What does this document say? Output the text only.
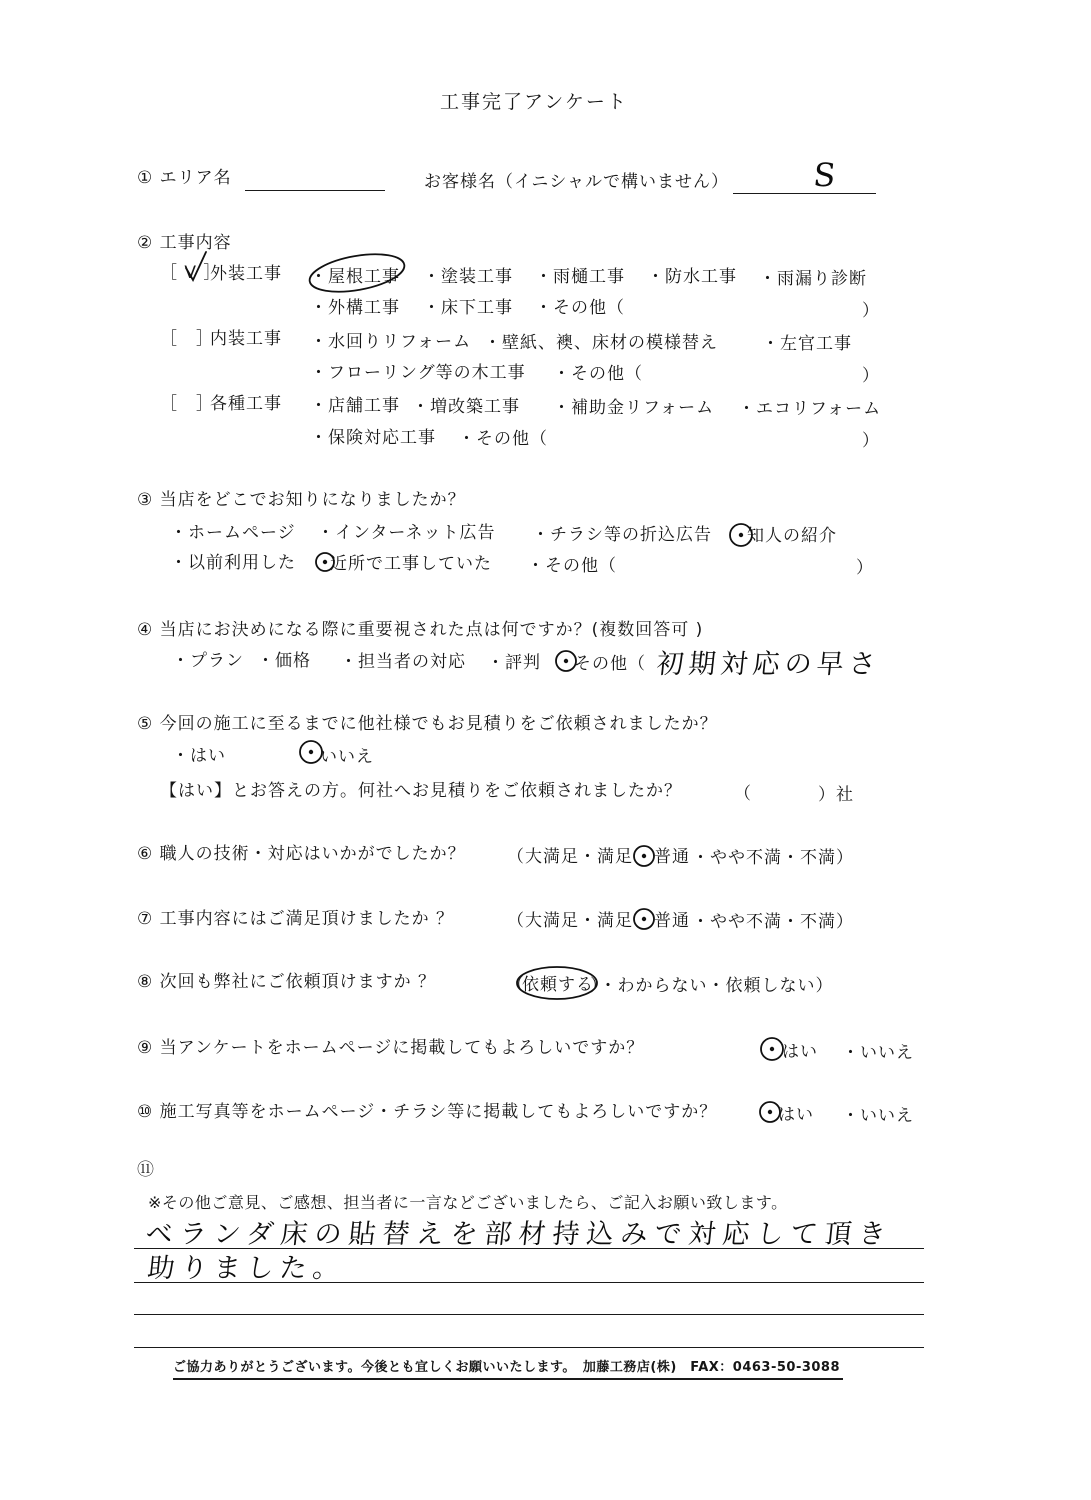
工事完了アンケート
① エリア名	お客様名（イニシャルで構いません）	S
② 工事内容
［ V ］
外装工事 ・屋根工事 ・塗装工事 ・雨樋工事 ・防水工事 ・雨漏り診断
・外構工事 ・床下工事 ・その他（	）
［　］
内装工事 ・水回りリフォーム ・壁紙、襖、床材の模様替え	・左官工事
・フローリング等の木工事 ・その他（	）
［　］
各種工事 ・店舗工事 ・増改築工事 ・補助金リフォーム ・エコリフォーム
・保険対応工事 ・その他（	）
③ 当店をどこでお知りになりましたか？
・ホームページ ・インターネット広告 ・チラシ等の折込広告 知人の紹介
・以前利用した 近所で工事していた ・その他（	）
④ 当店にお決めになる際に重要視された点は何ですか？(複数回答可 )
・プラン ・価格 ・担当者の対応 ・評判 その他（ 初期対応の早さ
⑤ 今回の施工に至るまでに他社様でもお見積りをご依頼されましたか？
・はい	いいえ
【はい】とお答えの方。何社へお見積りをご依頼されましたか？	（	）社
⑥ 職人の技術・対応はいかがでしたか？ （大満足・満足 普通 ・やや不満・不満）
⑦ 工事内容にはご満足頂けましたか ？	（大満足・満足 普通 ・やや不満・不満）
⑧ 次回も弊社にご依頼頂けますか ？	（
依頼する
）・わからない・依頼しない）
⑨ 当アンケートをホームページに掲載してもよろしいですか？	はい ・いいえ
⑩ 施工写真等をホームページ・チラシ等に掲載してもよろしいですか？	はい ・いいえ
⑪
※その他ご意見、ご感想、担当者に一言などございましたら、ご記入お願い致します。
ベランダ床の貼替えを部材持込みで対応して頂き
助りました。
ご協力ありがとうございます。今後とも宜しくお願いいたします。　加藤工務店(株)　FAX：0463-50-3088
